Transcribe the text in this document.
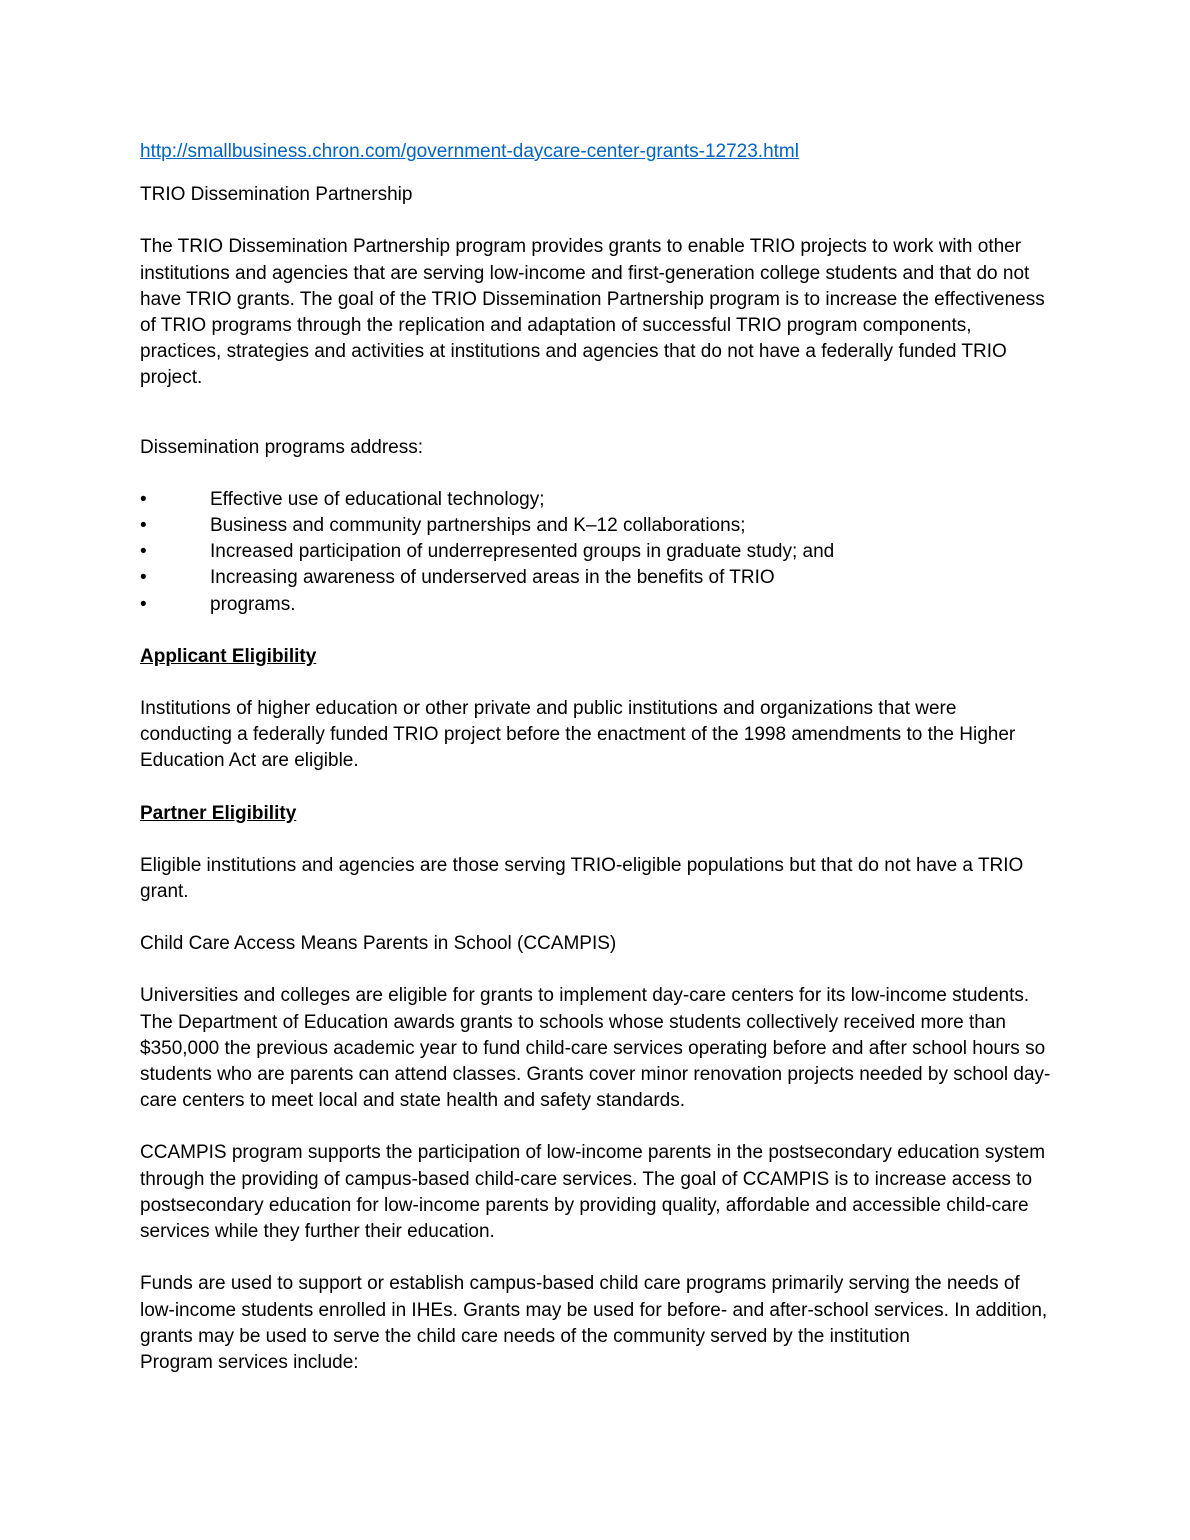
http://smallbusiness.chron.com/government-daycare-center-grants-12723.html

TRIO Dissemination Partnership

The TRIO Dissemination Partnership program provides grants to enable TRIO projects to work with other institutions and agencies that are serving low-income and first-generation college students and that do not have TRIO grants. The goal of the TRIO Dissemination Partnership program is to increase the effectiveness of TRIO programs through the replication and adaptation of successful TRIO program components, practices, strategies and activities at institutions and agencies that do not have a federally funded TRIO project.

Dissemination programs address:

•	Effective use of educational technology;
•	Business and community partnerships and K–12 collaborations;
•	Increased participation of underrepresented groups in graduate study; and
•	Increasing awareness of underserved areas in the benefits of TRIO
•	programs.

Applicant Eligibility

Institutions of higher education or other private and public institutions and organizations that were conducting a federally funded TRIO project before the enactment of the 1998 amendments to the Higher Education Act are eligible.

Partner Eligibility

Eligible institutions and agencies are those serving TRIO-eligible populations but that do not have a TRIO grant.

Child Care Access Means Parents in School (CCAMPIS)

Universities and colleges are eligible for grants to implement day-care centers for its low-income students. The Department of Education awards grants to schools whose students collectively received more than $350,000 the previous academic year to fund child-care services operating before and after school hours so students who are parents can attend classes. Grants cover minor renovation projects needed by school day-care centers to meet local and state health and safety standards.

CCAMPIS program supports the participation of low-income parents in the postsecondary education system through the providing of campus-based child-care services. The goal of CCAMPIS is to increase access to postsecondary education for low-income parents by providing quality, affordable and accessible child-care services while they further their education.

Funds are used to support or establish campus-based child care programs primarily serving the needs of low-income students enrolled in IHEs. Grants may be used for before- and after-school services. In addition, grants may be used to serve the child care needs of the community served by the institution
Program services include:
